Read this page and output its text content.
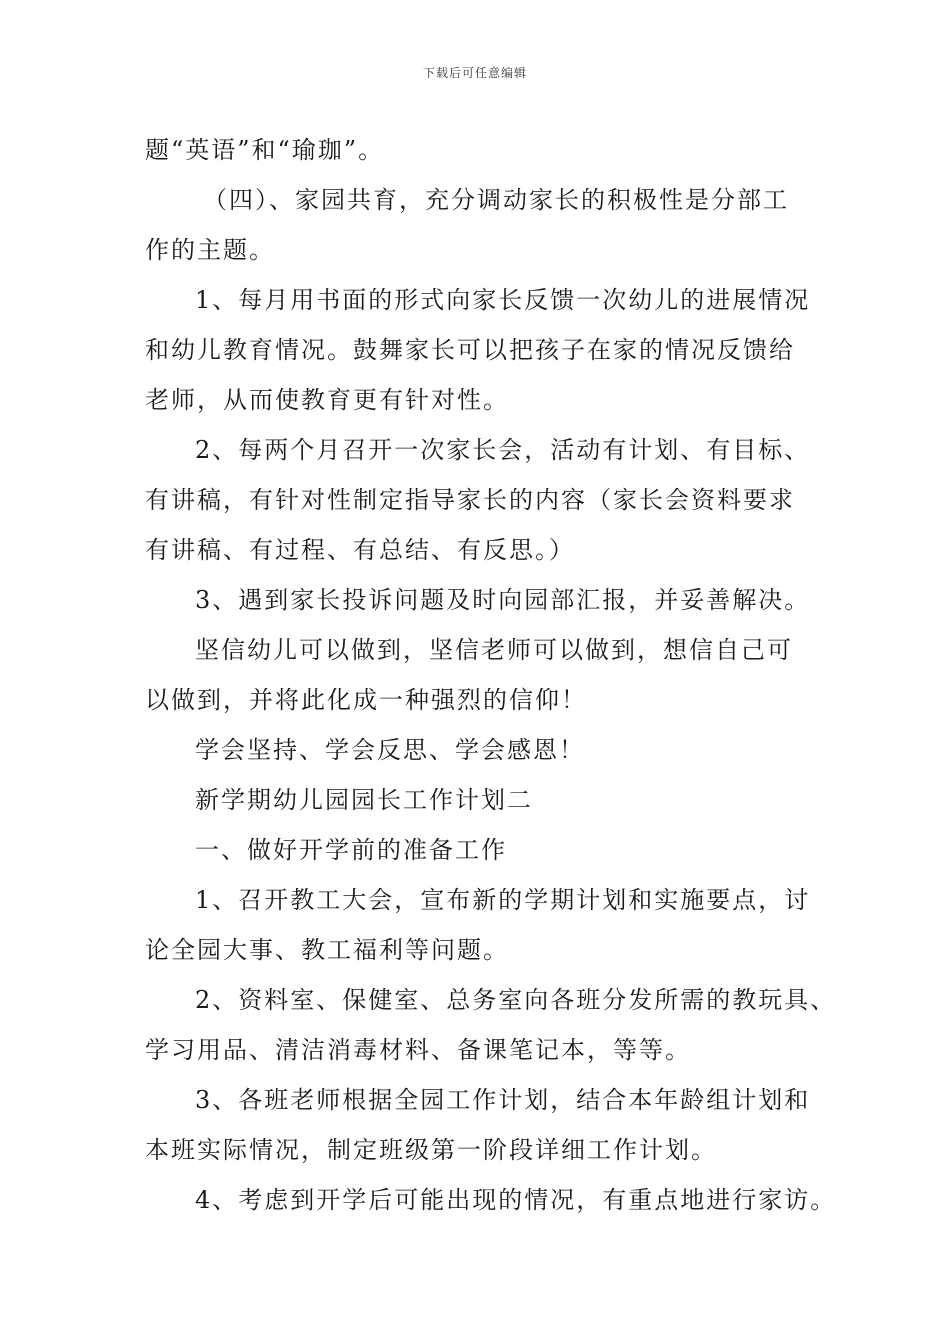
下载后可任意编辑

题“英语”和“瑜珈”。

（四）、家园共育，充分调动家长的积极性是分部工

作的主题。

1、每月用书面的形式向家长反馈一次幼儿的进展情况

和幼儿教育情况。鼓舞家长可以把孩子在家的情况反馈给

老师，从而使教育更有针对性。

2、每两个月召开一次家长会，活动有计划、有目标、

有讲稿，有针对性制定指导家长的内容（家长会资料要求

有讲稿、有过程、有总结、有反思。）

3、遇到家长投诉问题及时向园部汇报，并妥善解决。

坚信幼儿可以做到，坚信老师可以做到，想信自己可

以做到，并将此化成一种强烈的信仰！

学会坚持、学会反思、学会感恩！

新学期幼儿园园长工作计划二

一、做好开学前的准备工作

1、召开教工大会，宣布新的学期计划和实施要点，讨

论全园大事、教工福利等问题。

2、资料室、保健室、总务室向各班分发所需的教玩具、

学习用品、清洁消毒材料、备课笔记本，等等。

3、各班老师根据全园工作计划，结合本年龄组计划和

本班实际情况，制定班级第一阶段详细工作计划。

4、考虑到开学后可能出现的情况，有重点地进行家访。
